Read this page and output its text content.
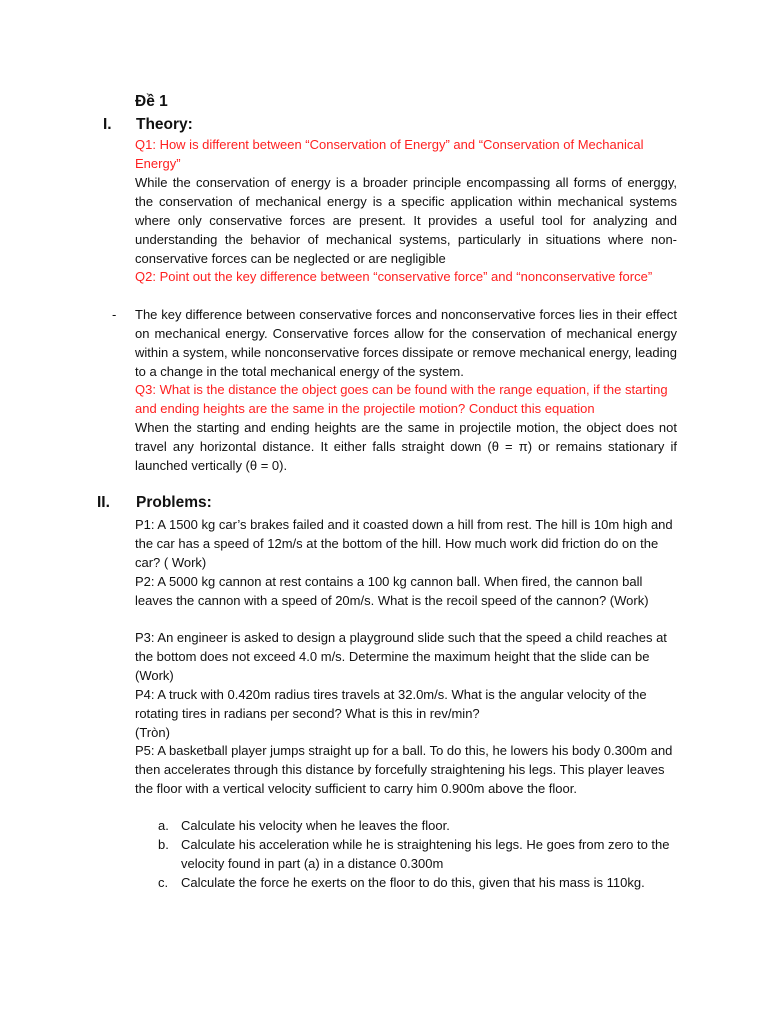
Đề 1
I. Theory:
Q1: How is different between “Conservation of Energy” and “Conservation of Mechanical Energy”
While the conservation of energy is a broader principle encompassing all forms of energgy, the conservation of mechanical energy is a specific application within mechanical systems where only conservative forces are present. It provides a useful tool for analyzing and understanding the behavior of mechanical systems, particularly in situations where non-conservative forces can be neglected or are negligible
Q2: Point out the key difference between “conservative force” and “nonconservative force”
- The key difference between conservative forces and nonconservative forces lies in their effect on mechanical energy. Conservative forces allow for the conservation of mechanical energy within a system, while nonconservative forces dissipate or remove mechanical energy, leading to a change in the total mechanical energy of the system.
Q3: What is the distance the object goes can be found with the range equation, if the starting and ending heights are the same in the projectile motion? Conduct this equation
When the starting and ending heights are the same in projectile motion, the object does not travel any horizontal distance. It either falls straight down (θ = π) or remains stationary if launched vertically (θ = 0).
II. Problems:
P1: A 1500 kg car’s brakes failed and it coasted down a hill from rest. The hill is 10m high and the car has a speed of 12m/s at the bottom of the hill. How much work did friction do on the car? ( Work)
P2: A 5000 kg cannon at rest contains a 100 kg cannon ball. When fired, the cannon ball leaves the cannon with a speed of 20m/s. What is the recoil speed of the cannon? (Work)
P3: An engineer is asked to design a playground slide such that the speed a child reaches at the bottom does not exceed 4.0 m/s. Determine the maximum height that the slide can be (Work)
P4: A truck with 0.420m radius tires travels at 32.0m/s. What is the angular velocity of the rotating tires in radians per second? What is this in rev/min?
(Tròn)
P5: A basketball player jumps straight up for a ball. To do this, he lowers his body 0.300m and then accelerates through this distance by forcefully straightening his legs. This player leaves the floor with a vertical velocity sufficient to carry him 0.900m above the floor.
a. Calculate his velocity when he leaves the floor.
b. Calculate his acceleration while he is straightening his legs. He goes from zero to the velocity found in part (a) in a distance 0.300m
c. Calculate the force he exerts on the floor to do this, given that his mass is 110kg.
